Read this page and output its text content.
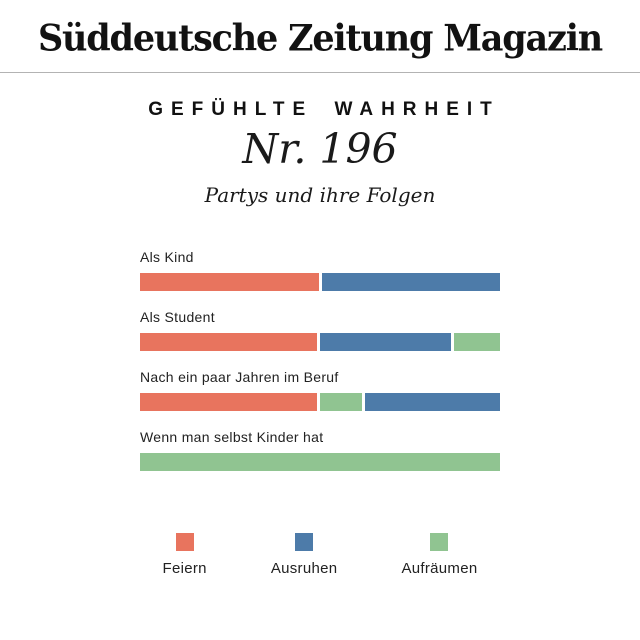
Süddeutsche Zeitung Magazin
GEFÜHLTE WAHRHEIT
Nr. 196
Partys und ihre Folgen
Als Kind
Als Student
Nach ein paar Jahren im Beruf
Wenn man selbst Kinder hat
Feiern	Ausruhen	Aufräumen
